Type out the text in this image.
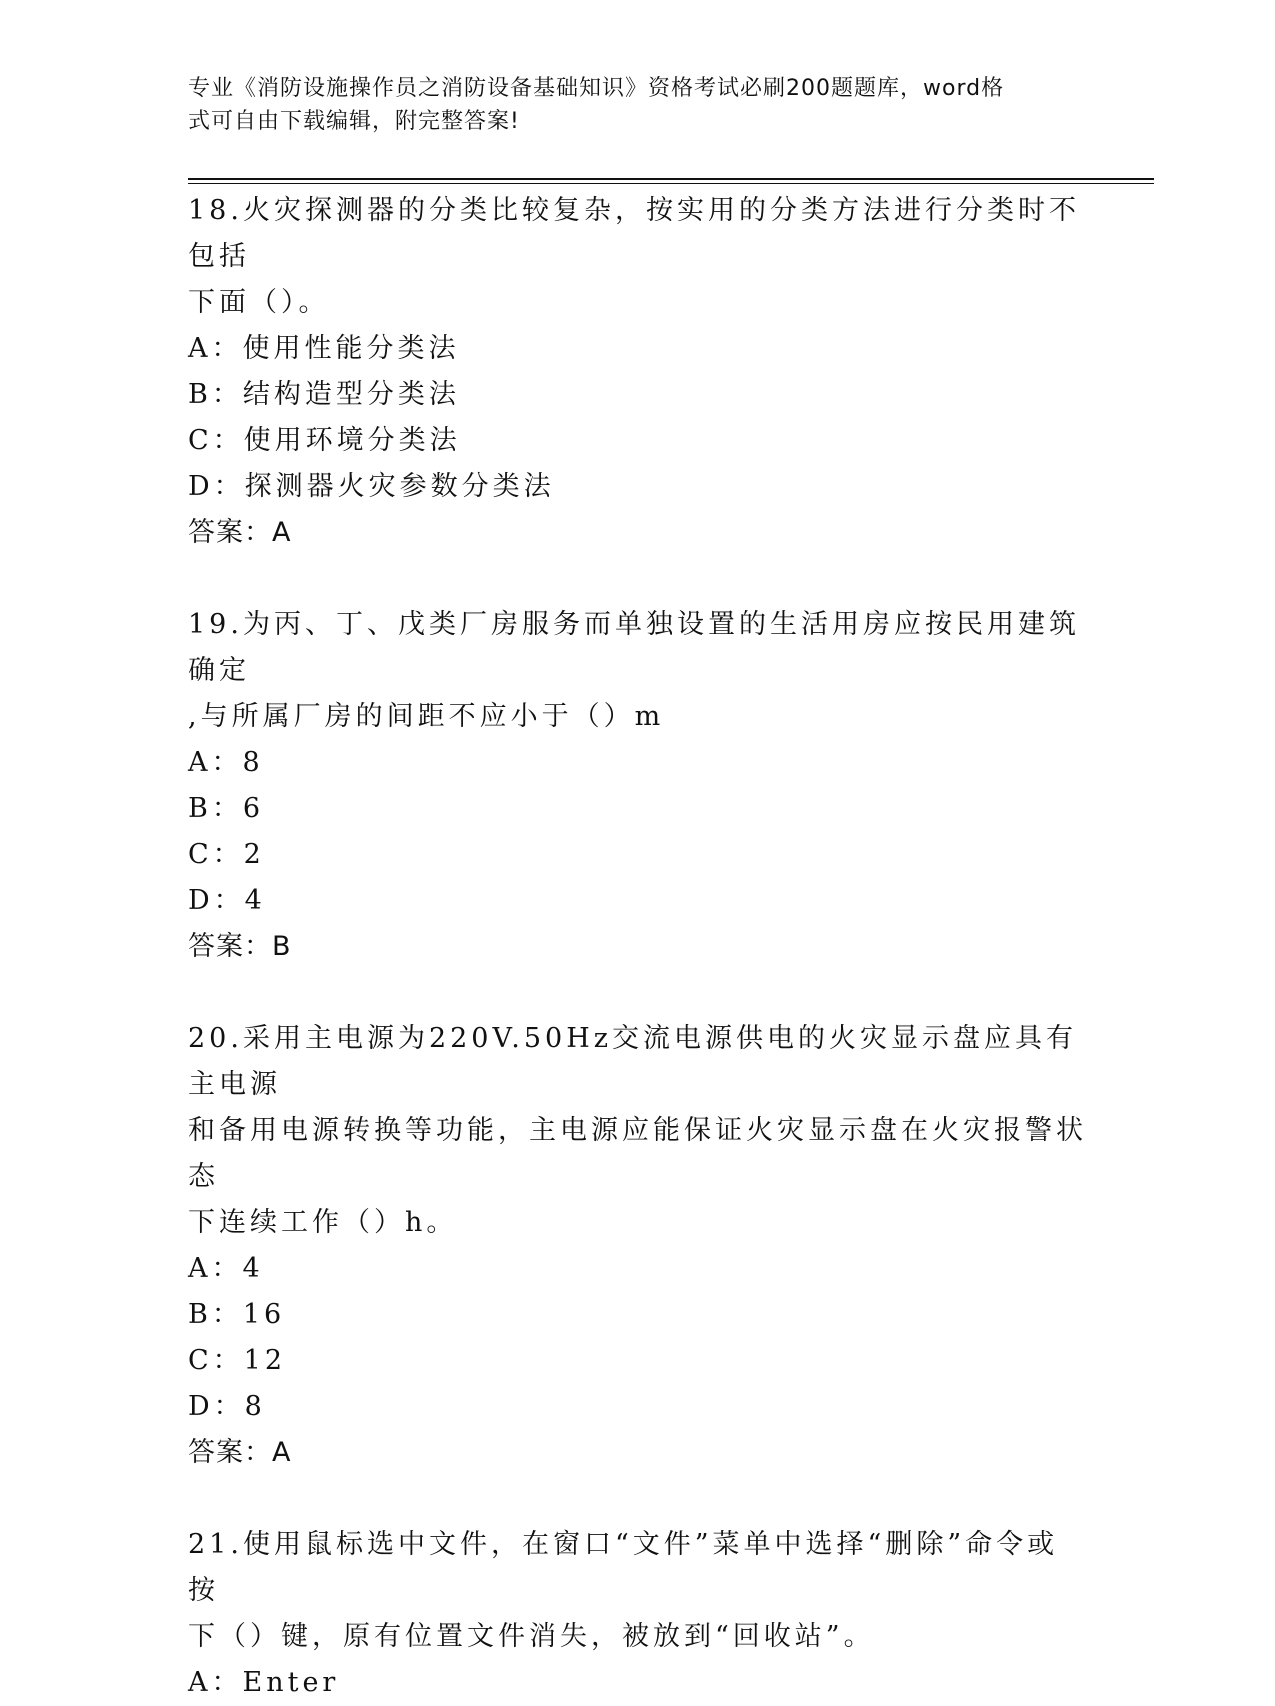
专业《消防设施操作员之消防设备基础知识》资格考试必刷200题题库，word格
式可自由下载编辑，附完整答案!
18.火灾探测器的分类比较复杂，按实用的分类方法进行分类时不包括
下面（）。
A：使用性能分类法
B：结构造型分类法
C：使用环境分类法
D：探测器火灾参数分类法
答案：A
19.为丙、丁、戊类厂房服务而单独设置的生活用房应按民用建筑确定
,与所属厂房的间距不应小于（）m
A：8
B：6
C：2
D：4
答案：B
20.采用主电源为220V.50Hz交流电源供电的火灾显示盘应具有主电源
和备用电源转换等功能，主电源应能保证火灾显示盘在火灾报警状态
下连续工作（）h。
A：4
B：16
C：12
D：8
答案：A
21.使用鼠标选中文件，在窗口“文件”菜单中选择“删除”命令或按
下（）键，原有位置文件消失，被放到“回收站”。
A：Enter
